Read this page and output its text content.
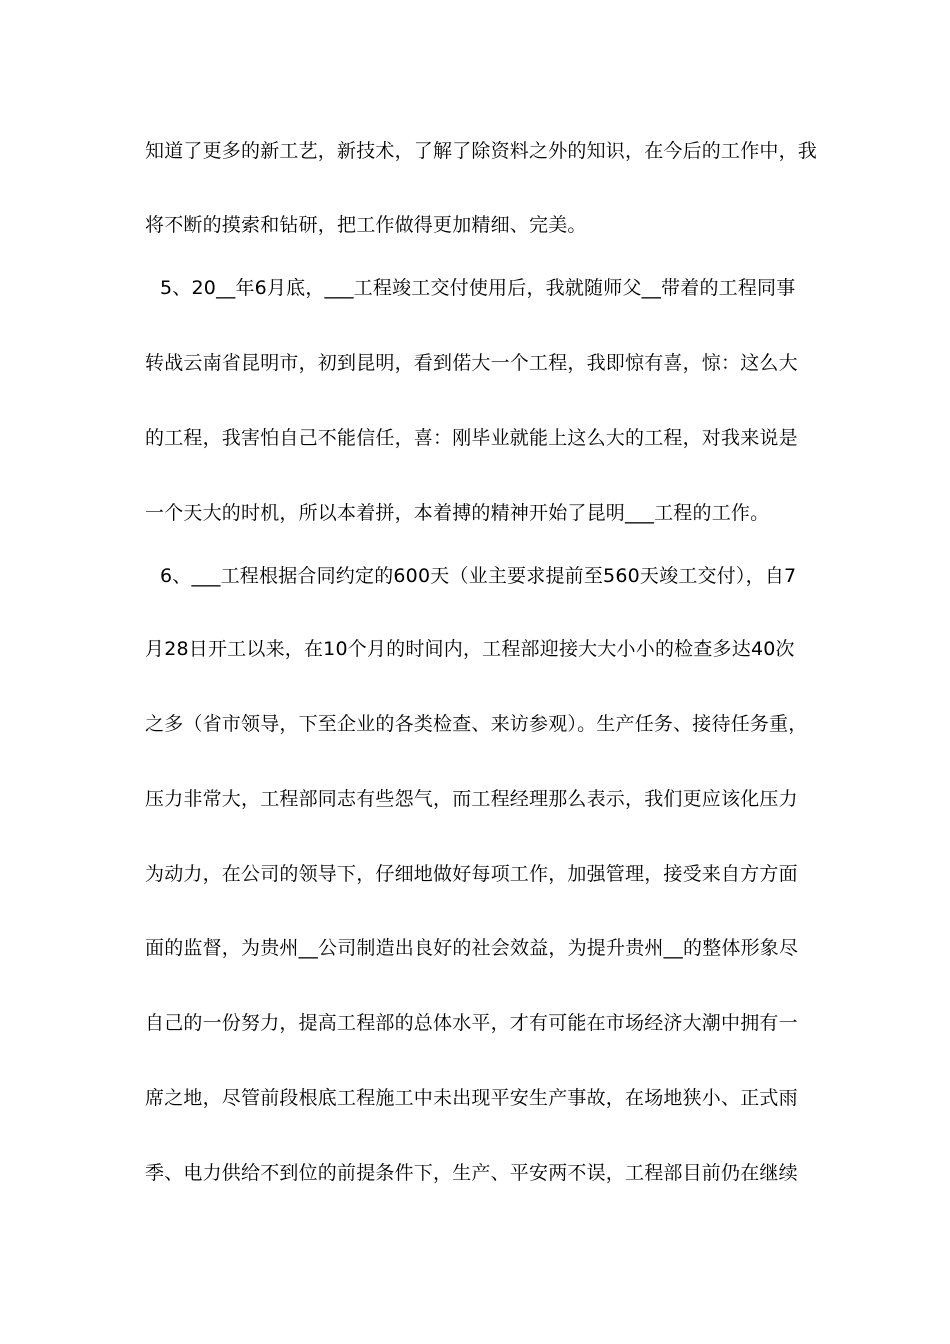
知道了更多的新工艺，新技术，了解了除资料之外的知识，在今后的工作中，我
将不断的摸索和钻研，把工作做得更加精细、完美。
5、20__年6月底，___工程竣工交付使用后，我就随师父__带着的工程同事
转战云南省昆明市，初到昆明，看到偌大一个工程，我即惊有喜，惊：这么大
的工程，我害怕自己不能信任，喜：刚毕业就能上这么大的工程，对我来说是
一个天大的时机，所以本着拼，本着搏的精神开始了昆明___工程的工作。
6、___工程根据合同约定的600天（业主要求提前至560天竣工交付），自7
月28日开工以来，在10个月的时间内，工程部迎接大大小小的检查多达40次
之多（省市领导，下至企业的各类检查、来访参观）。生产任务、接待任务重，
压力非常大，工程部同志有些怨气，而工程经理那么表示，我们更应该化压力
为动力，在公司的领导下，仔细地做好每项工作，加强管理，接受来自方方面
面的监督，为贵州__公司制造出良好的社会效益，为提升贵州__的整体形象尽
自己的一份努力，提高工程部的总体水平，才有可能在市场经济大潮中拥有一
席之地，尽管前段根底工程施工中未出现平安生产事故，在场地狭小、正式雨
季、电力供给不到位的前提条件下，生产、平安两不误，工程部目前仍在继续
